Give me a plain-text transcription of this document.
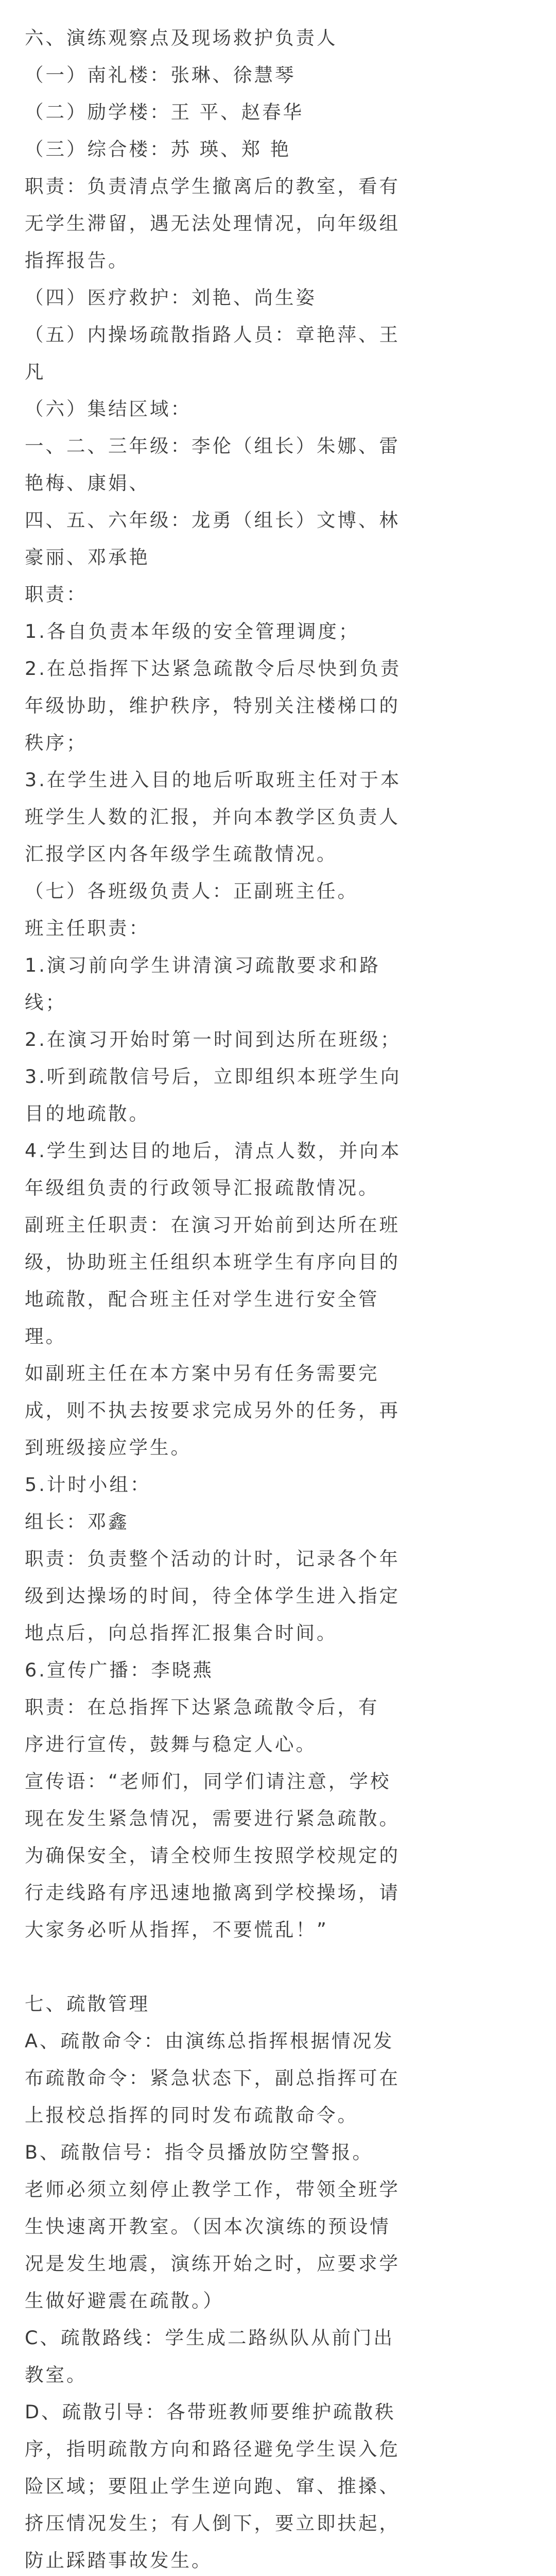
六、演练观察点及现场救护负责人
（一）南礼楼：张琳、徐慧琴
（二）励学楼：王 平、赵春华
（三）综合楼：苏 瑛、郑 艳
职责：负责清点学生撤离后的教室，看有
无学生滞留，遇无法处理情况，向年级组
指挥报告。
（四）医疗救护：刘艳、尚生姿
（五）内操场疏散指路人员：章艳萍、王
凡
（六）集结区域：
一、二、三年级：李伦（组长）朱娜、雷
艳梅、康娟、
四、五、六年级：龙勇（组长）文博、林
豪丽、邓承艳
职责：
1.各自负责本年级的安全管理调度；
2.在总指挥下达紧急疏散令后尽快到负责
年级协助，维护秩序，特别关注楼梯口的
秩序；
3.在学生进入目的地后听取班主任对于本
班学生人数的汇报，并向本教学区负责人
汇报学区内各年级学生疏散情况。
（七）各班级负责人：正副班主任。
班主任职责：
1.演习前向学生讲清演习疏散要求和路
线；
2.在演习开始时第一时间到达所在班级；
3.听到疏散信号后，立即组织本班学生向
目的地疏散。
4.学生到达目的地后，清点人数，并向本
年级组负责的行政领导汇报疏散情况。
副班主任职责：在演习开始前到达所在班
级，协助班主任组织本班学生有序向目的
地疏散，配合班主任对学生进行安全管
理。
如副班主任在本方案中另有任务需要完
成，则不执去按要求完成另外的任务，再
到班级接应学生。
5.计时小组：
组长：邓鑫
职责：负责整个活动的计时，记录各个年
级到达操场的时间，待全体学生进入指定
地点后，向总指挥汇报集合时间。
6.宣传广播：李晓燕
职责：在总指挥下达紧急疏散令后，有
序进行宣传，鼓舞与稳定人心。
宣传语：“老师们，同学们请注意，学校
现在发生紧急情况，需要进行紧急疏散。
为确保安全，请全校师生按照学校规定的
行走线路有序迅速地撤离到学校操场，请
大家务必听从指挥，不要慌乱！”
七、疏散管理
A、疏散命令：由演练总指挥根据情况发
布疏散命令：紧急状态下，副总指挥可在
上报校总指挥的同时发布疏散命令。
B、疏散信号：指令员播放防空警报。
老师必须立刻停止教学工作，带领全班学
生快速离开教室。（因本次演练的预设情
况是发生地震，演练开始之时，应要求学
生做好避震在疏散。）
C、疏散路线：学生成二路纵队从前门出
教室。
D、疏散引导：各带班教师要维护疏散秩
序，指明疏散方向和路径避免学生误入危
险区域；要阻止学生逆向跑、窜、推搡、
挤压情况发生；有人倒下，要立即扶起，
防止踩踏事故发生。
